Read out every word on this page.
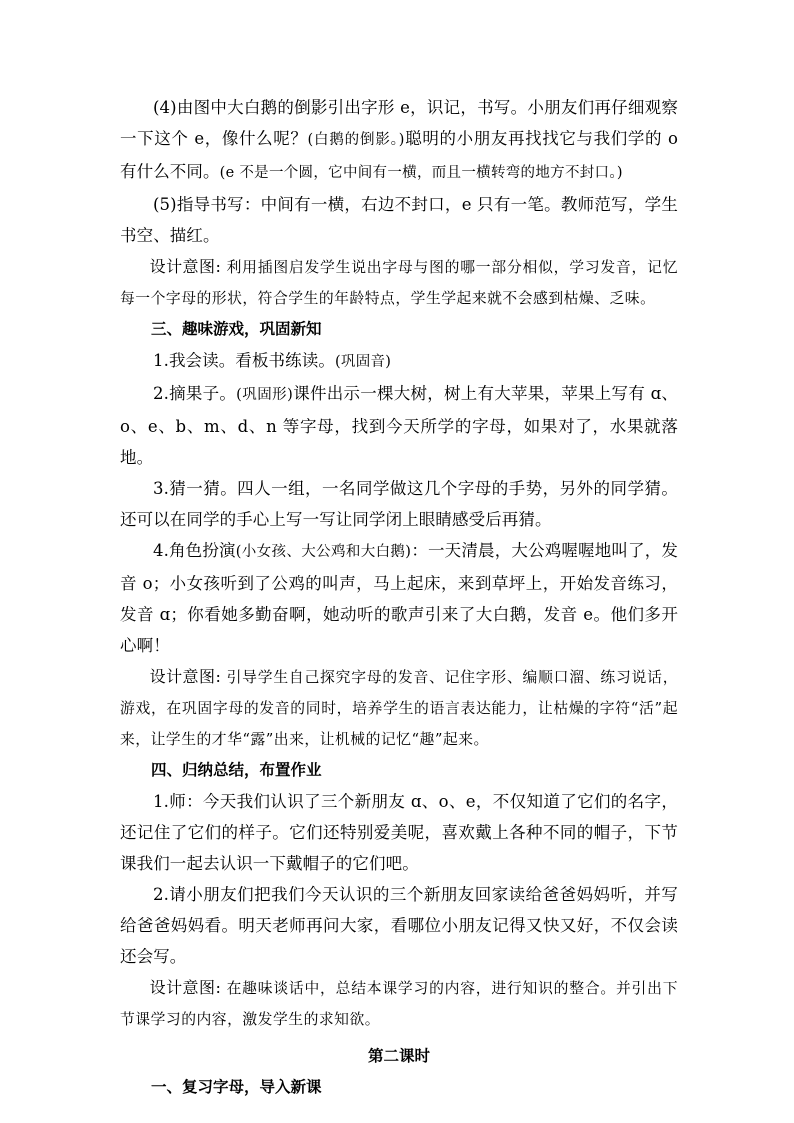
(4)由图中大白鹅的倒影引出字形 e，识记，书写。小朋友们再仔细观察一下这个 e，像什么呢？(白鹅的倒影。)聪明的小朋友再找找它与我们学的 o 有什么不同。(e 不是一个圆，它中间有一横，而且一横转弯的地方不封口。)

(5)指导书写：中间有一横，右边不封口，e 只有一笔。教师范写，学生书空、描红。

设计意图: 利用插图启发学生说出字母与图的哪一部分相似，学习发音，记忆每一个字母的形状，符合学生的年龄特点，学生学起来就不会感到枯燥、乏味。

三、趣味游戏，巩固新知

1.我会读。看板书练读。(巩固音)

2.摘果子。(巩固形)课件出示一棵大树，树上有大苹果，苹果上写有 ɑ、o、e、b、m、d、n 等字母，找到今天所学的字母，如果对了，水果就落地。

3.猜一猜。四人一组，一名同学做这几个字母的手势，另外的同学猜。还可以在同学的手心上写一写让同学闭上眼睛感受后再猜。

4.角色扮演(小女孩、大公鸡和大白鹅)：一天清晨，大公鸡喔喔地叫了，发音 o；小女孩听到了公鸡的叫声，马上起床，来到草坪上，开始发音练习，发音 ɑ；你看她多勤奋啊，她动听的歌声引来了大白鹅，发音 e。他们多开心啊！

设计意图: 引导学生自己探究字母的发音、记住字形、编顺口溜、练习说话，游戏，在巩固字母的发音的同时，培养学生的语言表达能力，让枯燥的字符“活”起来，让学生的才华“露”出来，让机械的记忆“趣”起来。

四、归纳总结，布置作业

1.师：今天我们认识了三个新朋友 ɑ、o、e，不仅知道了它们的名字，还记住了它们的样子。它们还特别爱美呢，喜欢戴上各种不同的帽子，下节课我们一起去认识一下戴帽子的它们吧。

2.请小朋友们把我们今天认识的三个新朋友回家读给爸爸妈妈听，并写给爸爸妈妈看。明天老师再问大家，看哪位小朋友记得又快又好，不仅会读还会写。

设计意图: 在趣味谈话中，总结本课学习的内容，进行知识的整合。并引出下节课学习的内容，激发学生的求知欲。

第二课时

一、复习字母，导入新课
